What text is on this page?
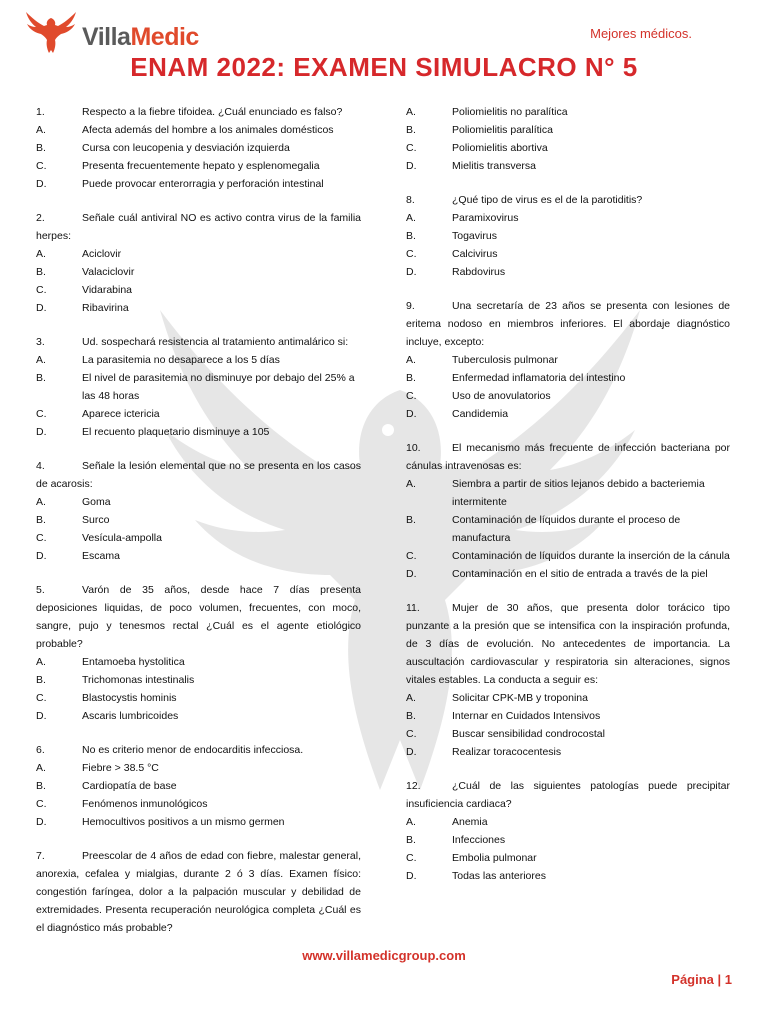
VillaMedic	Mejores médicos.
ENAM 2022: EXAMEN SIMULACRO N° 5
1.	Respecto a la fiebre tifoidea. ¿Cuál enunciado es falso?
A.	Afecta además del hombre a los animales domésticos
B.	Cursa con leucopenia y desviación izquierda
C.	Presenta frecuentemente hepato y esplenomegalia
D.	Puede provocar enterorragia y perforación intestinal
2.	Señale cuál antiviral NO es activo contra virus de la familia herpes:
A.	Aciclovir
B.	Valaciclovir
C.	Vidarabina
D.	Ribavirina
3.	Ud. sospechará resistencia al tratamiento antimalárico si:
A.	La parasitemia no desaparece a los 5 días
B.	El nivel de parasitemia no disminuye por debajo del 25% a las 48 horas
C.	Aparece ictericia
D.	El recuento plaquetario disminuye a 105
4.	Señale la lesión elemental que no se presenta en los casos de acarosis:
A.	Goma
B.	Surco
C.	Vesícula-ampolla
D.	Escama
5.	Varón de 35 años, desde hace 7 días presenta deposiciones liquidas, de poco volumen, frecuentes, con moco, sangre, pujo y tenesmos rectal ¿Cuál es el agente etiológico probable?
A.	Entamoeba hystolitica
B.	Trichomonas intestinalis
C.	Blastocystis hominis
D.	Ascaris lumbricoides
6.	No es criterio menor de endocarditis infecciosa.
A.	Fiebre > 38.5 °C
B.	Cardiopatía de base
C.	Fenómenos inmunológicos
D.	Hemocultivos positivos a un mismo germen
7.	Preescolar de 4 años de edad con fiebre, malestar general, anorexia, cefalea y mialgias, durante 2 ó 3 días. Examen físico: congestión faríngea, dolor a la palpación muscular y debilidad de extremidades. Presenta recuperación neurológica completa ¿Cuál es el diagnóstico más probable?
A.	Poliomielitis no paralítica
B.	Poliomielitis paralítica
C.	Poliomielitis abortiva
D.	Mielitis transversa
8.	¿Qué tipo de virus es el de la parotiditis?
A.	Paramixovirus
B.	Togavirus
C.	Calcivirus
D.	Rabdovirus
9.	Una secretaría de 23 años se presenta con lesiones de eritema nodoso en miembros inferiores. El abordaje diagnóstico incluye, excepto:
A.	Tuberculosis pulmonar
B.	Enfermedad inflamatoria del intestino
C.	Uso de anovulatorios
D.	Candidemia
10.	El mecanismo más frecuente de infección bacteriana por cánulas intravenosas es:
A.	Siembra a partir de sitios lejanos debido a bacteriemia intermitente
B.	Contaminación de líquidos durante el proceso de manufactura
C.	Contaminación de líquidos durante la inserción de la cánula
D.	Contaminación en el sitio de entrada a través de la piel
11.	Mujer de 30 años, que presenta dolor torácico tipo punzante a la presión que se intensifica con la inspiración profunda, de 3 días de evolución. No antecedentes de importancia. La auscultación cardiovascular y respiratoria sin alteraciones, signos vitales estables. La conducta a seguir es:
A.	Solicitar CPK-MB y troponina
B.	Internar en Cuidados Intensivos
C.	Buscar sensibilidad condrocostal
D.	Realizar toracocentesis
12.	¿Cuál de las siguientes patologías puede precipitar insuficiencia cardiaca?
A.	Anemia
B.	Infecciones
C.	Embolia pulmonar
D.	Todas las anteriores
www.villamedicgroup.com
Página | 1
